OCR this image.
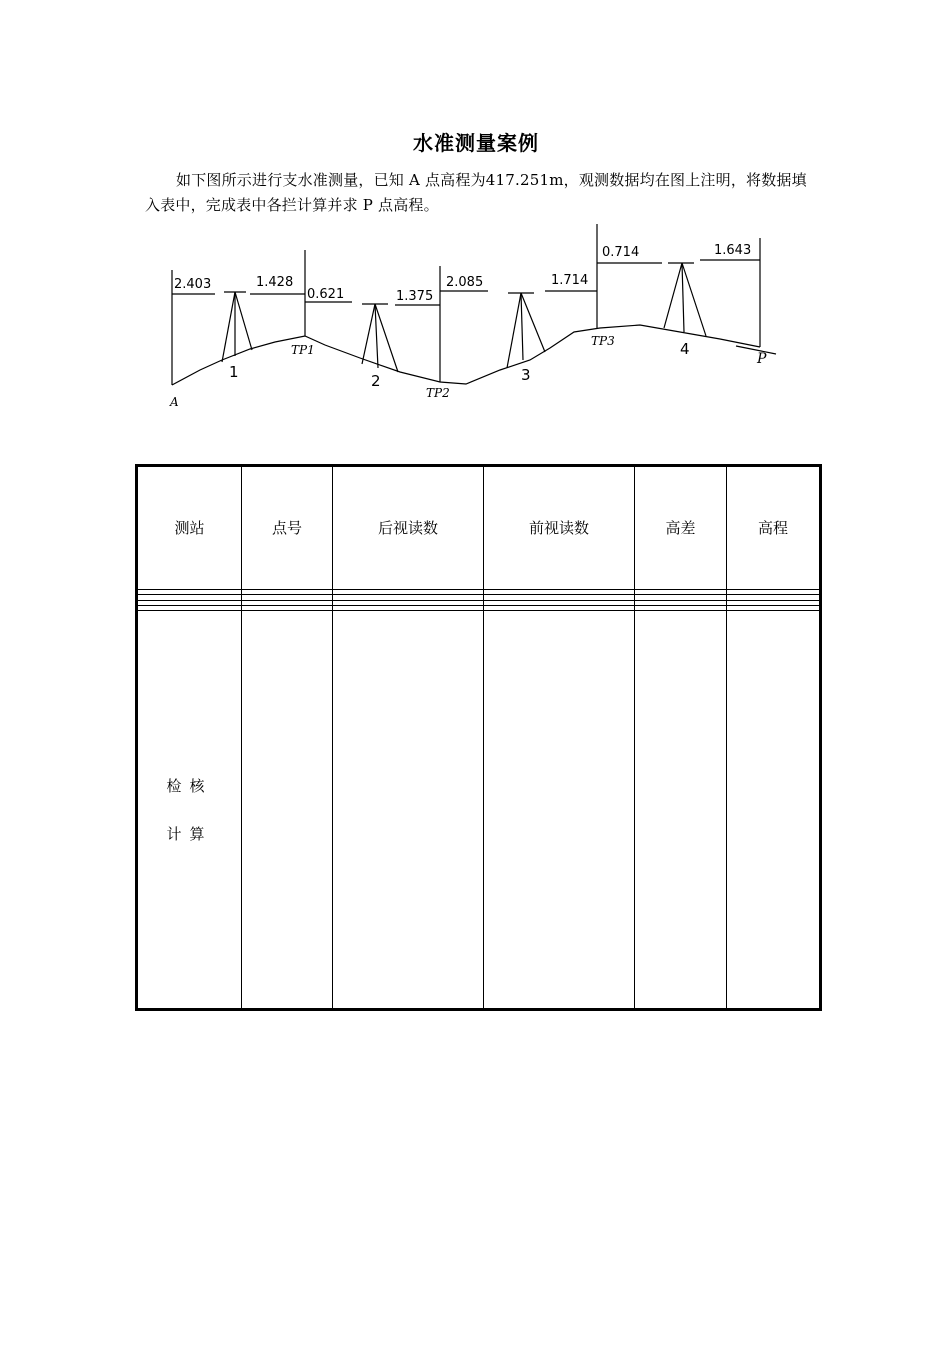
水准测量案例
如下图所示进行支水准测量，已知 A 点高程为417.251m，观测数据均在图上注明，将数据填入表中，完成表中各拦计算并求 P 点高程。
2.403	1.428
0.621	1.375
2.085	1.714
0.714	1.643
1	2	3
4
TP1
TP2
TP3
P
A
测站	点号	后视读数	前视读数	高差	高程

检核
计算					
